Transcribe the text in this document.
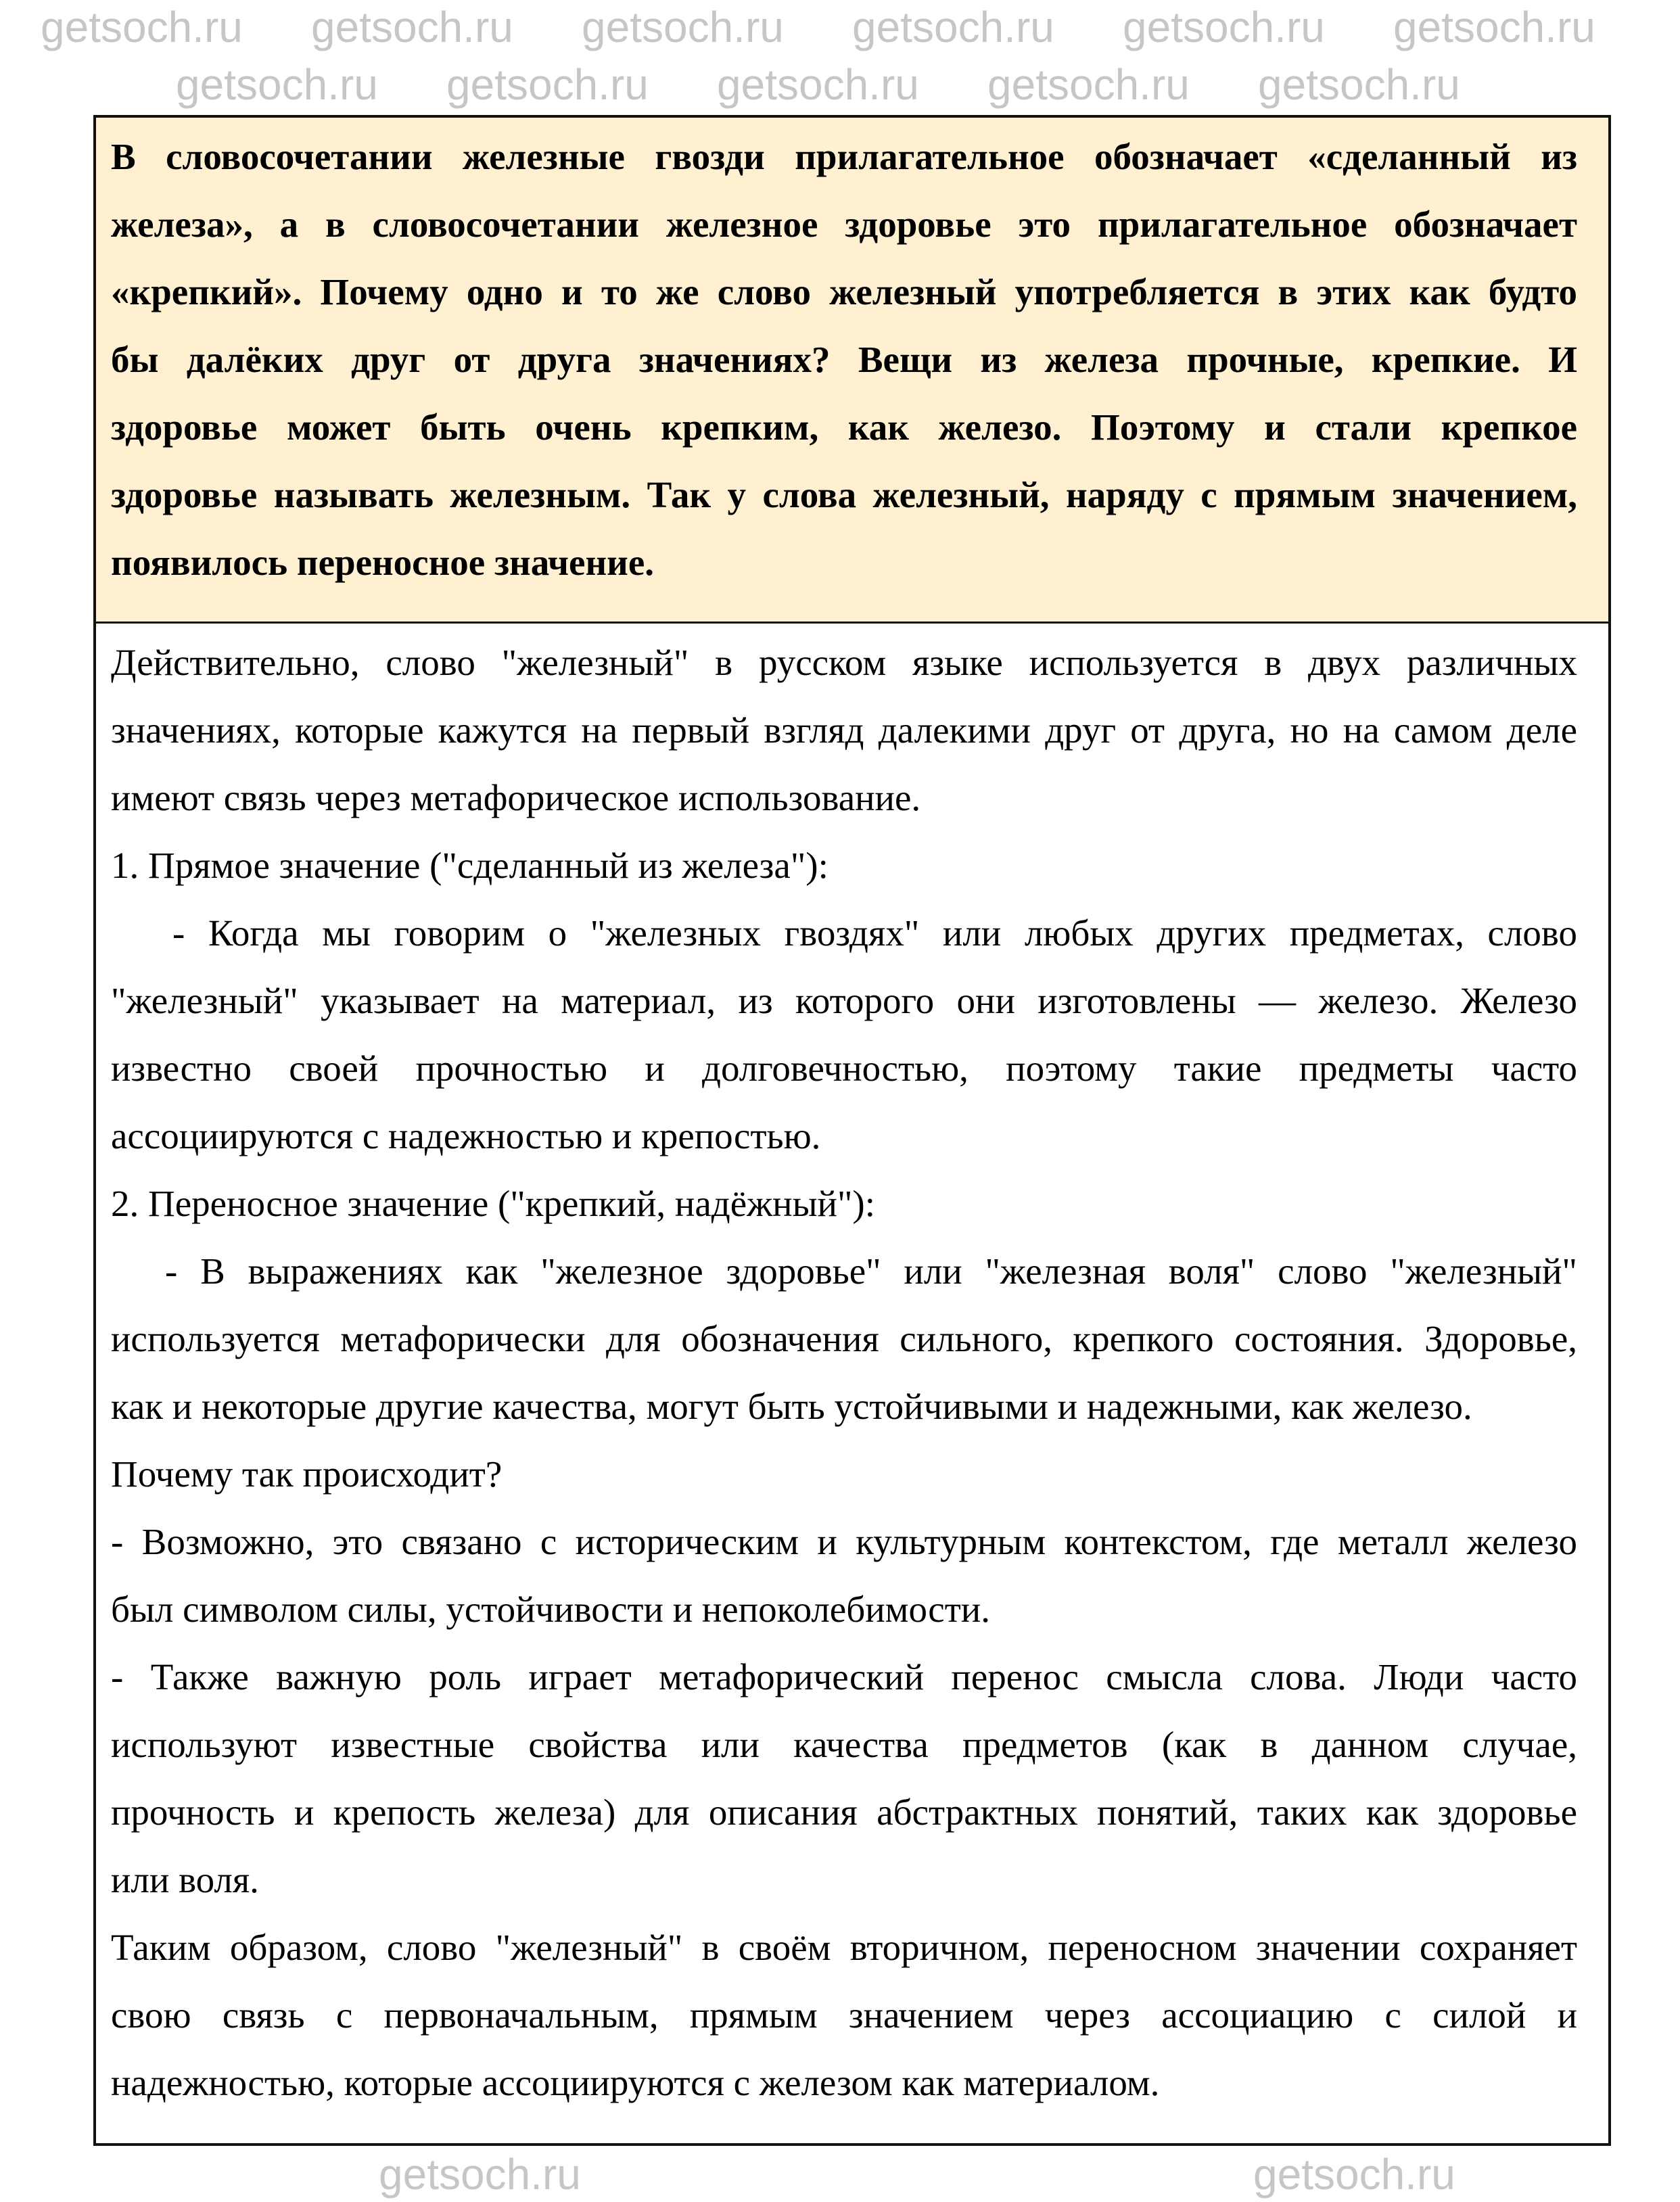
В словосочетании железные гвозди прилагательное обозначает «сделанный из
железа», а в словосочетании железное здоровье это прилагательное обозначает
«крепкий». Почему одно и то же слово железный употребляется в этих как будто
бы далёких друг от друга значениях? Вещи из железа прочные, крепкие. И
здоровье может быть очень крепким, как железо. Поэтому и стали крепкое
здоровье называть железным. Так у слова железный, наряду с прямым значением,
появилось переносное значение.
Действительно, слово "железный" в русском языке используется в двух различных
значениях, которые кажутся на первый взгляд далекими друг от друга, но на самом деле
имеют связь через метафорическое использование.
1. Прямое значение ("сделанный из железа"):
- Когда мы говорим о "железных гвоздях" или любых других предметах, слово
"железный" указывает на материал, из которого они изготовлены — железо. Железо
известно своей прочностью и долговечностью, поэтому такие предметы часто
ассоциируются с надежностью и крепостью.
2. Переносное значение ("крепкий, надёжный"):
- В выражениях как "железное здоровье" или "железная воля" слово "железный"
используется метафорически для обозначения сильного, крепкого состояния. Здоровье,
как и некоторые другие качества, могут быть устойчивыми и надежными, как железо.
Почему так происходит?
- Возможно, это связано с историческим и культурным контекстом, где металл железо
был символом силы, устойчивости и непоколебимости.
- Также важную роль играет метафорический перенос смысла слова. Люди часто
используют известные свойства или качества предметов (как в данном случае,
прочность и крепость железа) для описания абстрактных понятий, таких как здоровье
или воля.
Таким образом, слово "железный" в своём вторичном, переносном значении сохраняет
свою связь с первоначальным, прямым значением через ассоциацию с силой и
надежностью, которые ассоциируются с железом как материалом.
getsoch.ru getsoch.ru getsoch.ru getsoch.ru getsoch.ru getsoch.ru
getsoch.ru getsoch.ru getsoch.ru getsoch.ru getsoch.ru
getsoch.ru	getsoch.ru
